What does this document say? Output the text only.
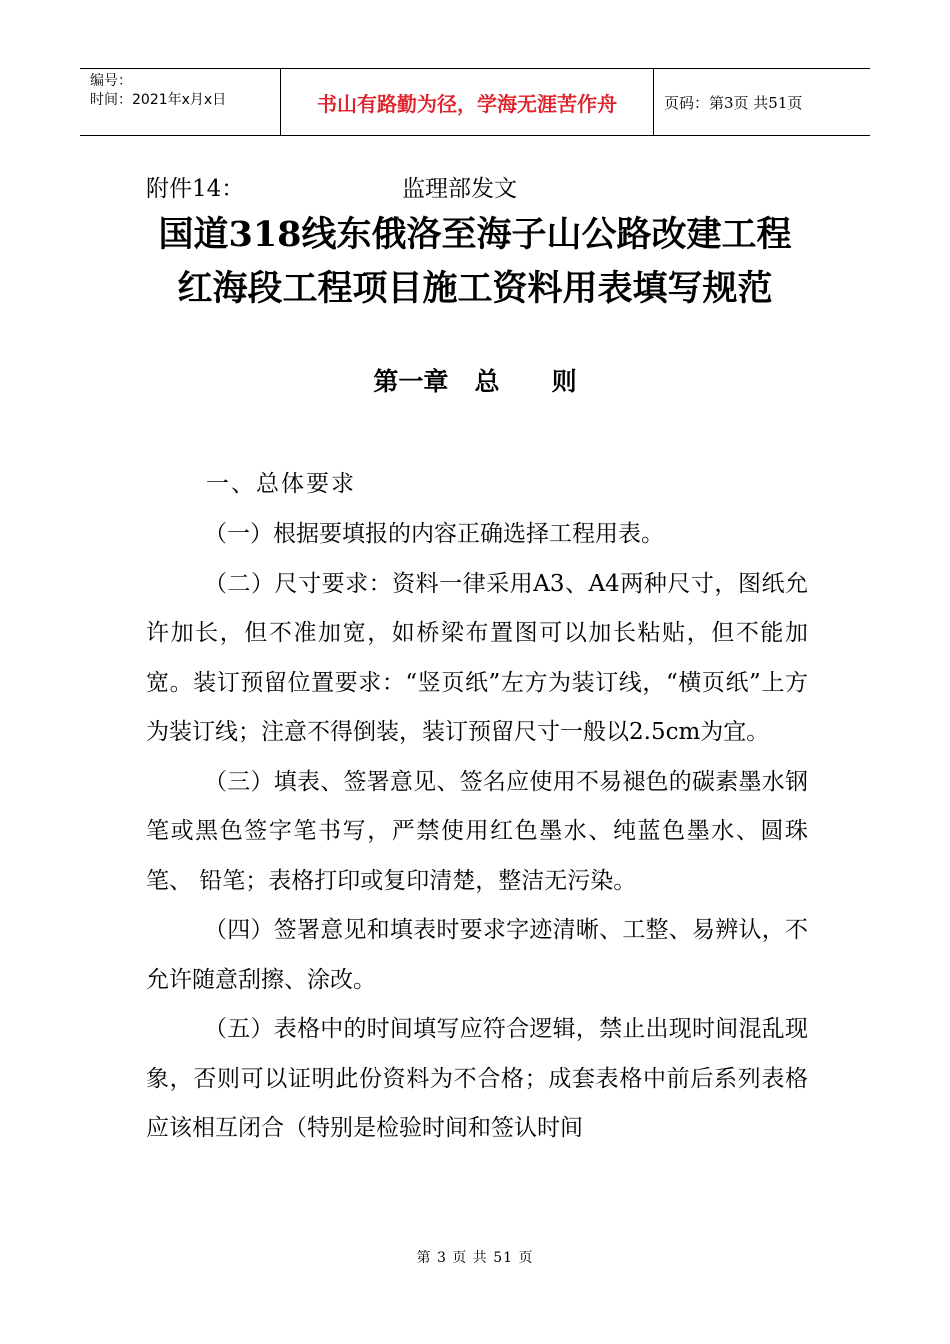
编号：
时间：2021年x月x日	书山有路勤为径，学海无涯苦作舟	页码：第3页 共51页
附件14：	监理部发文
国道318线东俄洛至海子山公路改建工程
红海段工程项目施工资料用表填写规范
第一章   总      则
一、总体要求

（一）根据要填报的内容正确选择工程用表。

（二）尺寸要求：资料一律采用A3、A4两种尺寸，图纸允许加长，但不准加宽，如桥梁布置图可以加长粘贴，但不能加宽。装订预留位置要求：“竖页纸”左方为装订线，“横页纸”上方为装订线；注意不得倒装，装订预留尺寸一般以2.5cm为宜。

（三）填表、签署意见、签名应使用不易褪色的碳素墨水钢笔或黑色签字笔书写，严禁使用红色墨水、纯蓝色墨水、圆珠笔、 铅笔；表格打印或复印清楚，整洁无污染。

（四）签署意见和填表时要求字迹清晰、工整、易辨认，不允许随意刮擦、涂改。

（五）表格中的时间填写应符合逻辑，禁止出现时间混乱现象，否则可以证明此份资料为不合格；成套表格中前后系列表格应该相互闭合（特别是检验时间和签认时间

第 3 页 共 51 页
